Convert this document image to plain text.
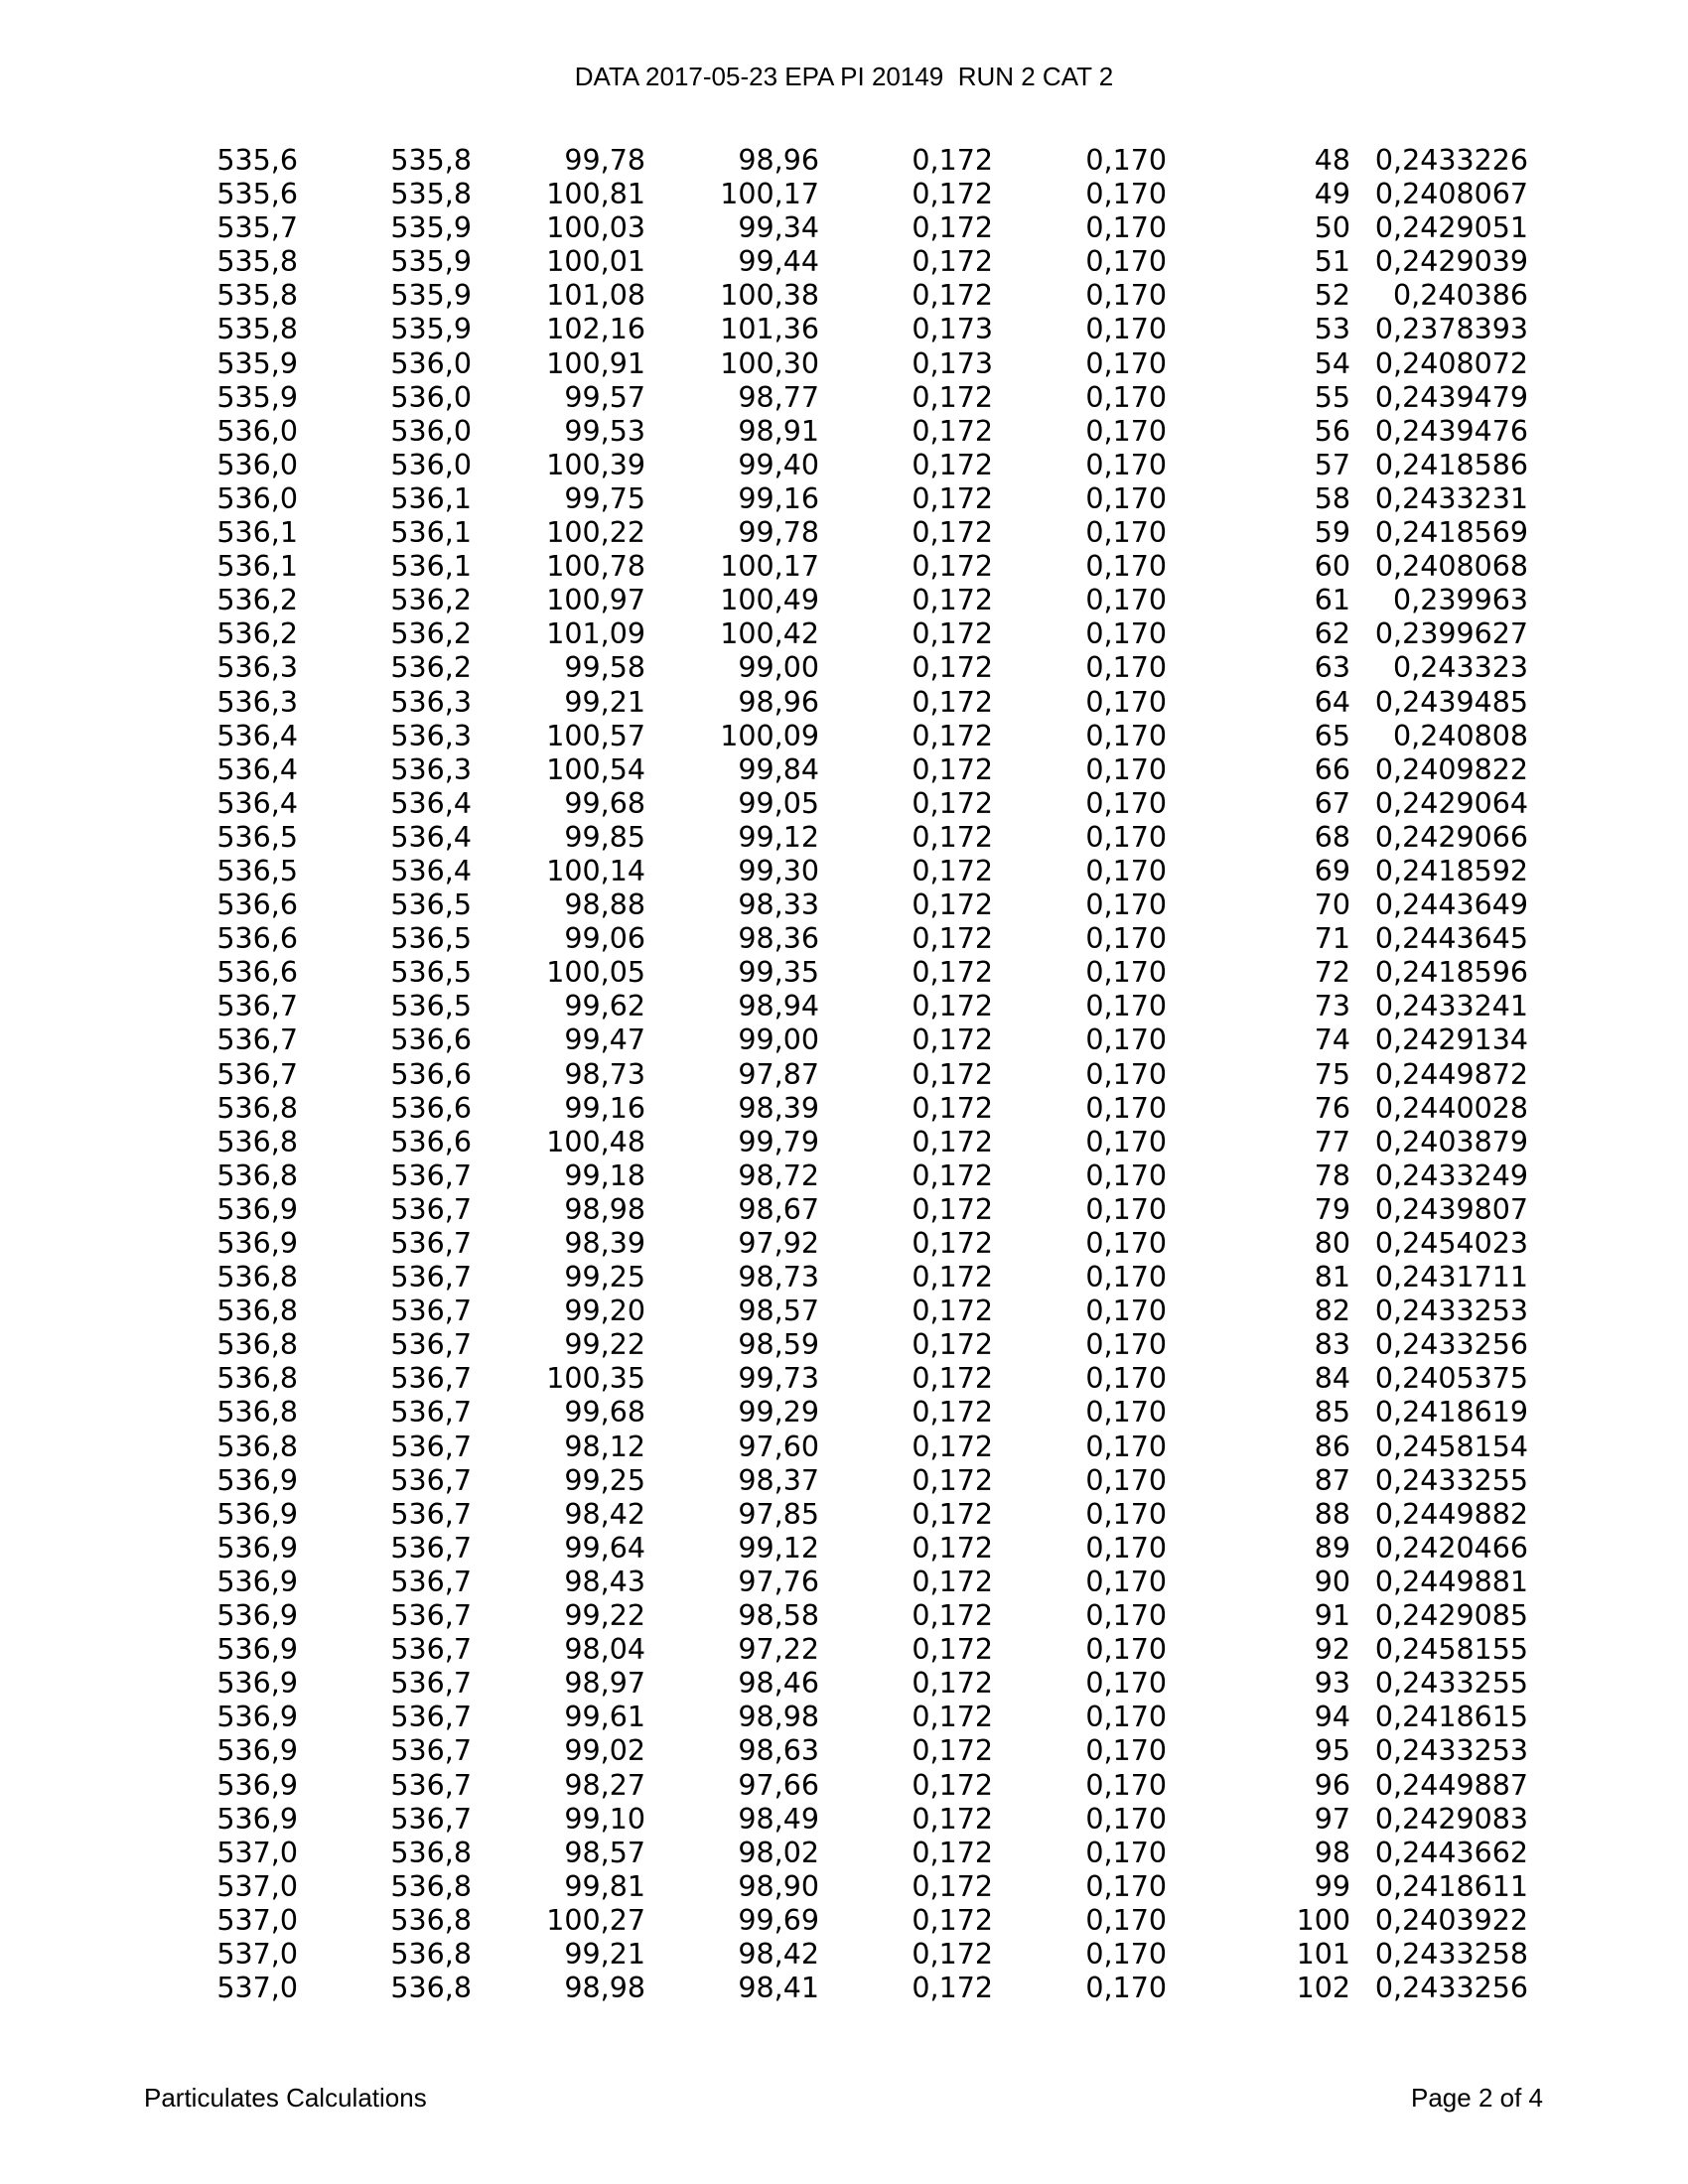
DATA 2017-05-23 EPA PI 20149  RUN 2 CAT 2
535,6	535,8	99,78	98,96	0,172	0,170	48 0,2433226
535,6	535,8	100,81	100,17	0,172	0,170	49 0,2408067
535,7	535,9	100,03	99,34	0,172	0,170	50 0,2429051
535,8	535,9	100,01	99,44	0,172	0,170	51 0,2429039
535,8	535,9	101,08	100,38	0,172	0,170	52	0,240386
535,8	535,9	102,16	101,36	0,173	0,170	53 0,2378393
535,9	536,0	100,91	100,30	0,173	0,170	54 0,2408072
535,9	536,0	99,57	98,77	0,172	0,170	55 0,2439479
536,0	536,0	99,53	98,91	0,172	0,170	56 0,2439476
536,0	536,0	100,39	99,40	0,172	0,170	57 0,2418586
536,0	536,1	99,75	99,16	0,172	0,170	58 0,2433231
536,1	536,1	100,22	99,78	0,172	0,170	59 0,2418569
536,1	536,1	100,78	100,17	0,172	0,170	60 0,2408068
536,2	536,2	100,97	100,49	0,172	0,170	61	0,239963
536,2	536,2	101,09	100,42	0,172	0,170	62 0,2399627
536,3	536,2	99,58	99,00	0,172	0,170	63	0,243323
536,3	536,3	99,21	98,96	0,172	0,170	64 0,2439485
536,4	536,3	100,57	100,09	0,172	0,170	65	0,240808
536,4	536,3	100,54	99,84	0,172	0,170	66 0,2409822
536,4	536,4	99,68	99,05	0,172	0,170	67 0,2429064
536,5	536,4	99,85	99,12	0,172	0,170	68 0,2429066
536,5	536,4	100,14	99,30	0,172	0,170	69 0,2418592
536,6	536,5	98,88	98,33	0,172	0,170	70 0,2443649
536,6	536,5	99,06	98,36	0,172	0,170	71 0,2443645
536,6	536,5	100,05	99,35	0,172	0,170	72 0,2418596
536,7	536,5	99,62	98,94	0,172	0,170	73 0,2433241
536,7	536,6	99,47	99,00	0,172	0,170	74 0,2429134
536,7	536,6	98,73	97,87	0,172	0,170	75 0,2449872
536,8	536,6	99,16	98,39	0,172	0,170	76 0,2440028
536,8	536,6	100,48	99,79	0,172	0,170	77 0,2403879
536,8	536,7	99,18	98,72	0,172	0,170	78 0,2433249
536,9	536,7	98,98	98,67	0,172	0,170	79 0,2439807
536,9	536,7	98,39	97,92	0,172	0,170	80 0,2454023
536,8	536,7	99,25	98,73	0,172	0,170	81 0,2431711
536,8	536,7	99,20	98,57	0,172	0,170	82 0,2433253
536,8	536,7	99,22	98,59	0,172	0,170	83 0,2433256
536,8	536,7	100,35	99,73	0,172	0,170	84 0,2405375
536,8	536,7	99,68	99,29	0,172	0,170	85 0,2418619
536,8	536,7	98,12	97,60	0,172	0,170	86 0,2458154
536,9	536,7	99,25	98,37	0,172	0,170	87 0,2433255
536,9	536,7	98,42	97,85	0,172	0,170	88 0,2449882
536,9	536,7	99,64	99,12	0,172	0,170	89 0,2420466
536,9	536,7	98,43	97,76	0,172	0,170	90 0,2449881
536,9	536,7	99,22	98,58	0,172	0,170	91 0,2429085
536,9	536,7	98,04	97,22	0,172	0,170	92 0,2458155
536,9	536,7	98,97	98,46	0,172	0,170	93 0,2433255
536,9	536,7	99,61	98,98	0,172	0,170	94 0,2418615
536,9	536,7	99,02	98,63	0,172	0,170	95 0,2433253
536,9	536,7	98,27	97,66	0,172	0,170	96 0,2449887
536,9	536,7	99,10	98,49	0,172	0,170	97 0,2429083
537,0	536,8	98,57	98,02	0,172	0,170	98 0,2443662
537,0	536,8	99,81	98,90	0,172	0,170	99 0,2418611
537,0	536,8	100,27	99,69	0,172	0,170	100 0,2403922
537,0	536,8	99,21	98,42	0,172	0,170	101 0,2433258
537,0	536,8	98,98	98,41	0,172	0,170	102 0,2433256
Particulates Calculations	Page 2 of 4
